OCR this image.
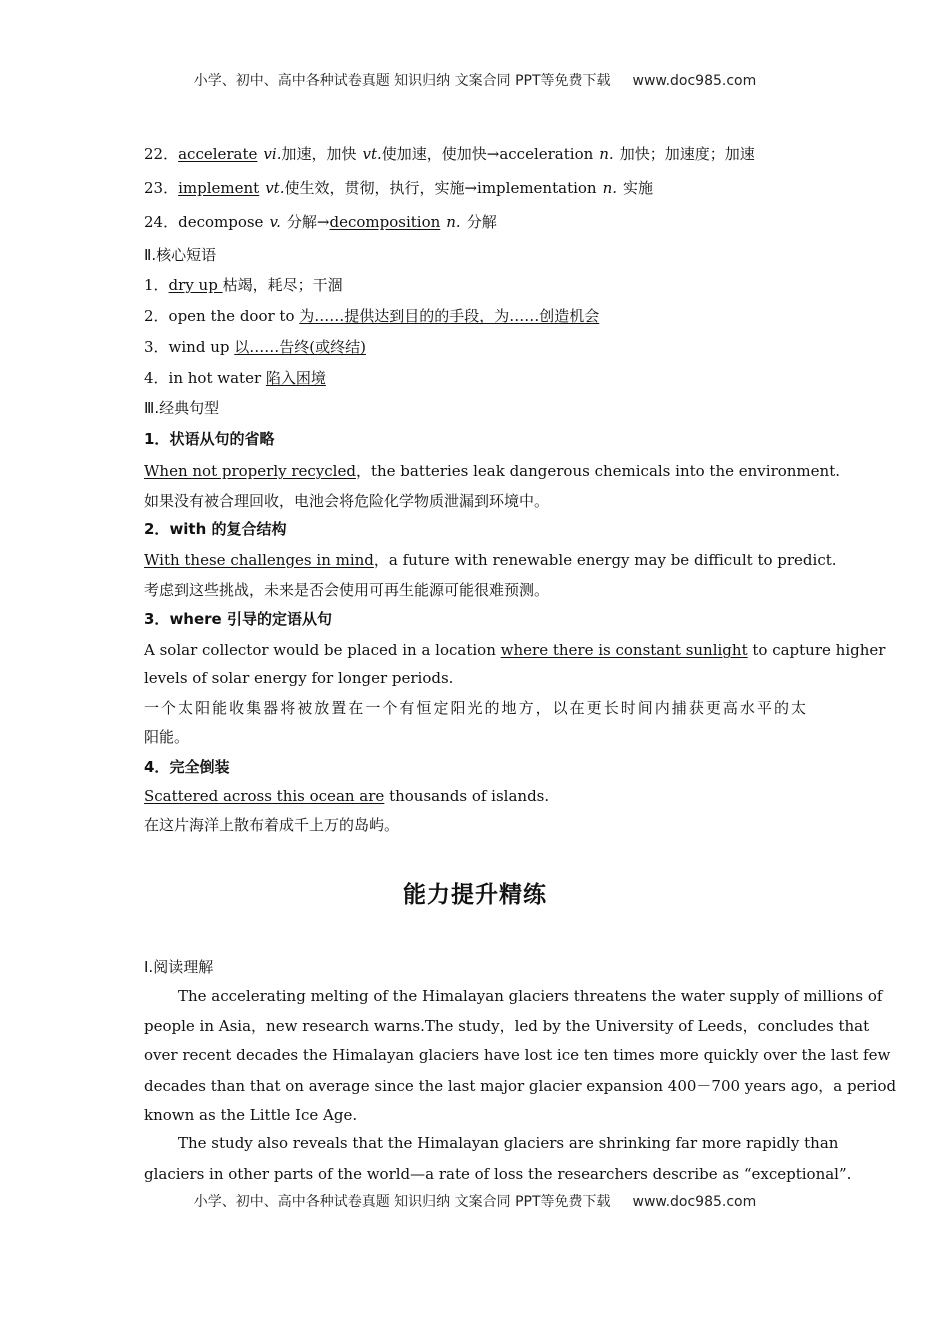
小学、初中、高中各种试卷真题 知识归纳 文案合同 PPT等免费下载 www.doc985.com
22．accelerate vi.加速，加快 vt.使加速，使加快→acceleration n. 加快；加速度；加速
23．implement vt.使生效，贯彻，执行，实施→implementation n. 实施
24．decompose v. 分解→decomposition n. 分解
Ⅱ.核心短语
1．dry up 枯竭，耗尽；干涸
2．open the door to 为……提供达到目的的手段，为……创造机会
3．wind up 以……告终(或终结)
4．in hot water 陷入困境
Ⅲ.经典句型
1．状语从句的省略
When not properly recycled，the batteries leak dangerous chemicals into the environment.
如果没有被合理回收，电池会将危险化学物质泄漏到环境中。
2．with 的复合结构
With these challenges in mind，a future with renewable energy may be difficult to predict.
考虑到这些挑战，未来是否会使用可再生能源可能很难预测。
3．where 引导的定语从句
A solar collector would be placed in a location where there is constant sunlight to capture higher
levels of solar energy for longer periods.
一个太阳能收集器将被放置在一个有恒定阳光的地方，以在更长时间内捕获更高水平的太
阳能。
4．完全倒装
Scattered across this ocean are thousands of islands.
在这片海洋上散布着成千上万的岛屿。
能力提升精练
Ⅰ.阅读理解
The accelerating melting of the Himalayan glaciers threatens the water supply of millions of
people in Asia，new research warns.The study，led by the University of Leeds，concludes that
over recent decades the Himalayan glaciers have lost ice ten times more quickly over the last few
decades than that on average since the last major glacier expansion 400－700 years ago，a period
known as the Little Ice Age.
The study also reveals that the Himalayan glaciers are shrinking far more rapidly than
glaciers in other parts of the world—a rate of loss the researchers describe as “exceptional”.
小学、初中、高中各种试卷真题 知识归纳 文案合同 PPT等免费下载 www.doc985.com
